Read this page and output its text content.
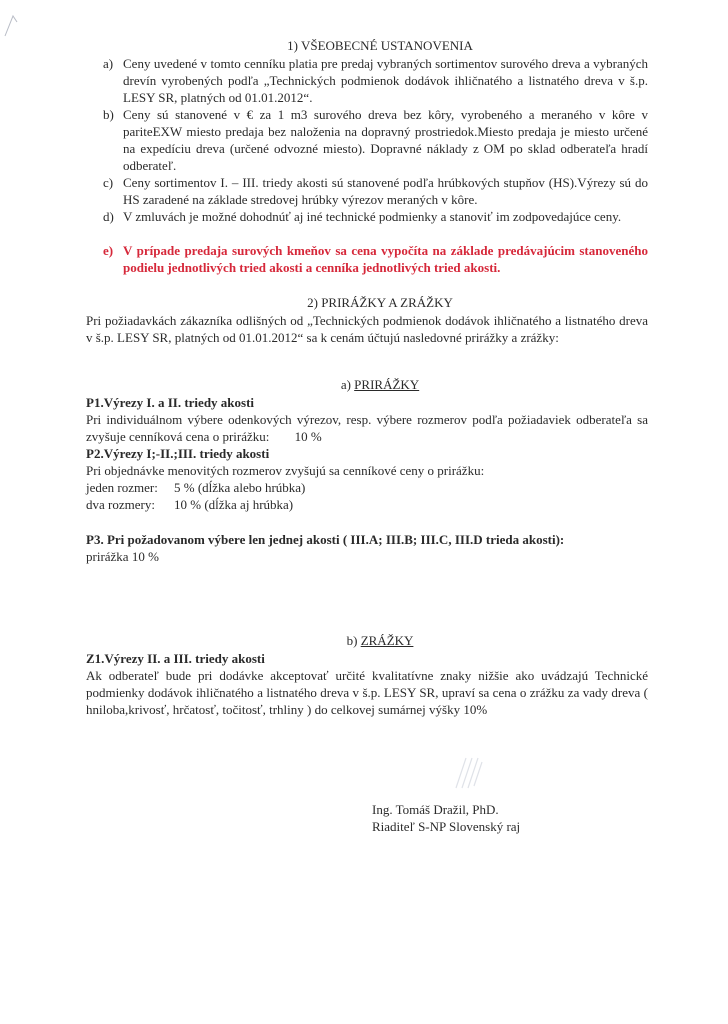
1) VŠEOBECNÉ USTANOVENIA
a) Ceny uvedené v tomto cenníku platia pre predaj vybraných sortimentov surového dreva a vybraných drevín vyrobených podľa „Technických podmienok dodávok ihličnatého a listnatého dreva v š.p. LESY SR, platných od 01.01.2012“.
b) Ceny sú stanovené v € za 1 m3 surového dreva bez kôry, vyrobeného a meraného v kôre v pariteEXW miesto predaja bez naloženia na dopravný prostriedok.Miesto predaja je miesto určené na expedíciu dreva (určené odvozné miesto). Dopravné náklady z OM po sklad odberateľa hradí odberateľ.
c) Ceny sortimentov I. – III. triedy akosti sú stanovené podľa hrúbkových stupňov (HS).Výrezy sú do HS zaradené na základe stredovej hrúbky výrezov meraných v kôre.
d) V zmluvách je možné dohodnúť aj iné technické podmienky a stanoviť im zodpovedajúce ceny.
e) V prípade predaja surových kmeňov sa cena vypočíta na základe predávajúcim stanoveného podielu jednotlivých tried akosti a cenníka jednotlivých tried akosti.
2) PRIRÁŽKY A ZRÁŽKY
Pri požiadavkách zákazníka odlišných od „Technických podmienok dodávok ihličnatého a listnatého dreva v š.p. LESY SR, platných od 01.01.2012“ sa k cenám účtujú nasledovné prirážky a zrážky:
a) PRIRÁŽKY
P1.Výrezy I. a II. triedy akosti
Pri individuálnom výbere odenkových výrezov, resp. výbere rozmerov podľa požiadaviek odberateľa sa zvyšuje cenníková cena o prirážku: 10 %
P2.Výrezy I;-II.;III. triedy akosti
Pri objednávke menovitých rozmerov zvyšujú sa cenníkové ceny o prirážku:
jeden rozmer: 5 % (dĺžka alebo hrúbka)
dva rozmery: 10 % (dĺžka aj hrúbka)
P3. Pri požadovanom výbere len jednej akosti ( III.A; III.B; III.C, III.D trieda akosti):
prirážka 10 %
b) ZRÁŽKY
Z1.Výrezy II. a III. triedy akosti
Ak odberateľ bude pri dodávke akceptovať určité kvalitatívne znaky nižšie ako uvádzajú Technické podmienky dodávok ihličnatého a listnatého dreva v š.p. LESY SR, upraví sa cena o zrážku za vady dreva ( hniloba,krivosť, hrčatosť, točitosť, trhliny ) do celkovej sumárnej výšky 10%
Ing. Tomáš Dražil, PhD.
Riaditeľ S-NP Slovenský raj
